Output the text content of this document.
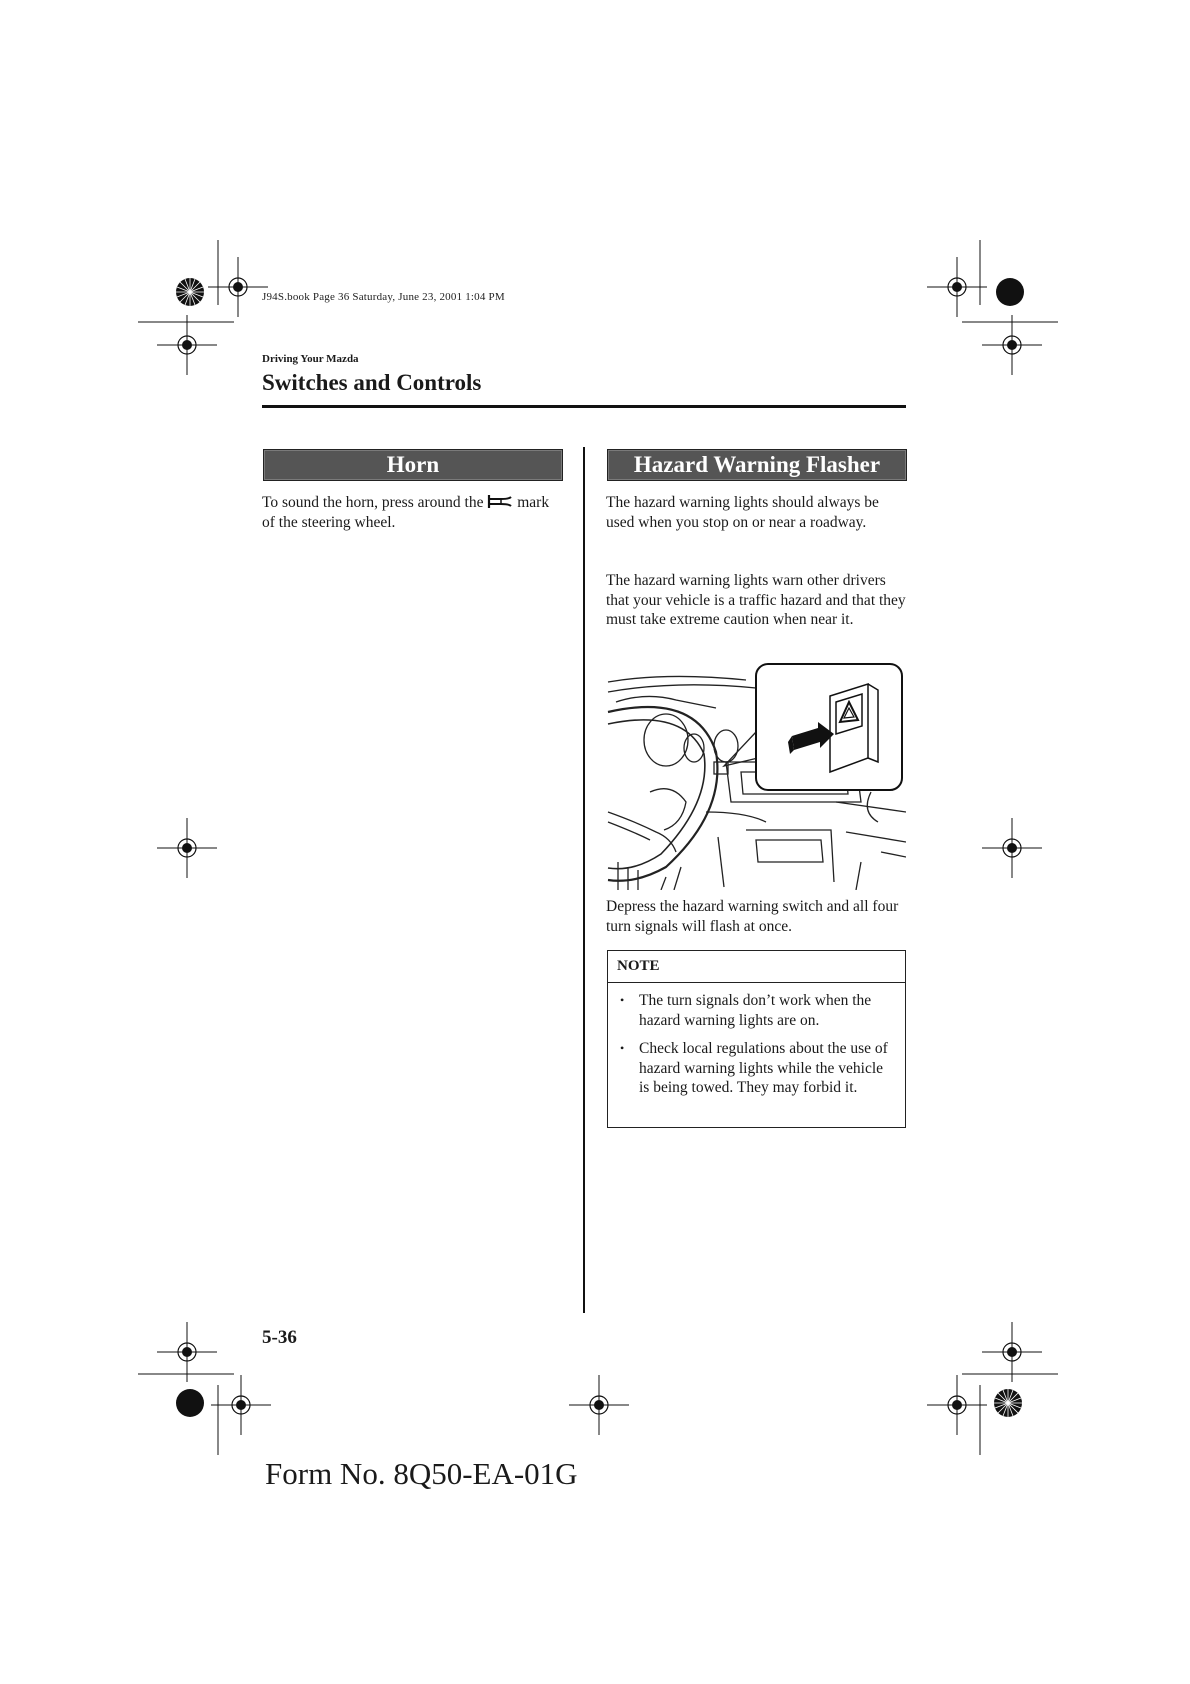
J94S.book Page 36 Saturday, June 23, 2001 1:04 PM
Driving Your Mazda
Switches and Controls
Horn
To sound the horn, press around the mark of the steering wheel.
Hazard Warning Flasher
The hazard warning lights should always be used when you stop on or near a roadway.
The hazard warning lights warn other drivers that your vehicle is a traffic hazard and that they must take extreme caution when near it.
Depress the hazard warning switch and all four turn signals will flash at once.
NOTE
• The turn signals don’t work when the hazard warning lights are on.
• Check local regulations about the use of hazard warning lights while the vehicle is being towed. They may forbid it.
5-36
Form No. 8Q50-EA-01G
